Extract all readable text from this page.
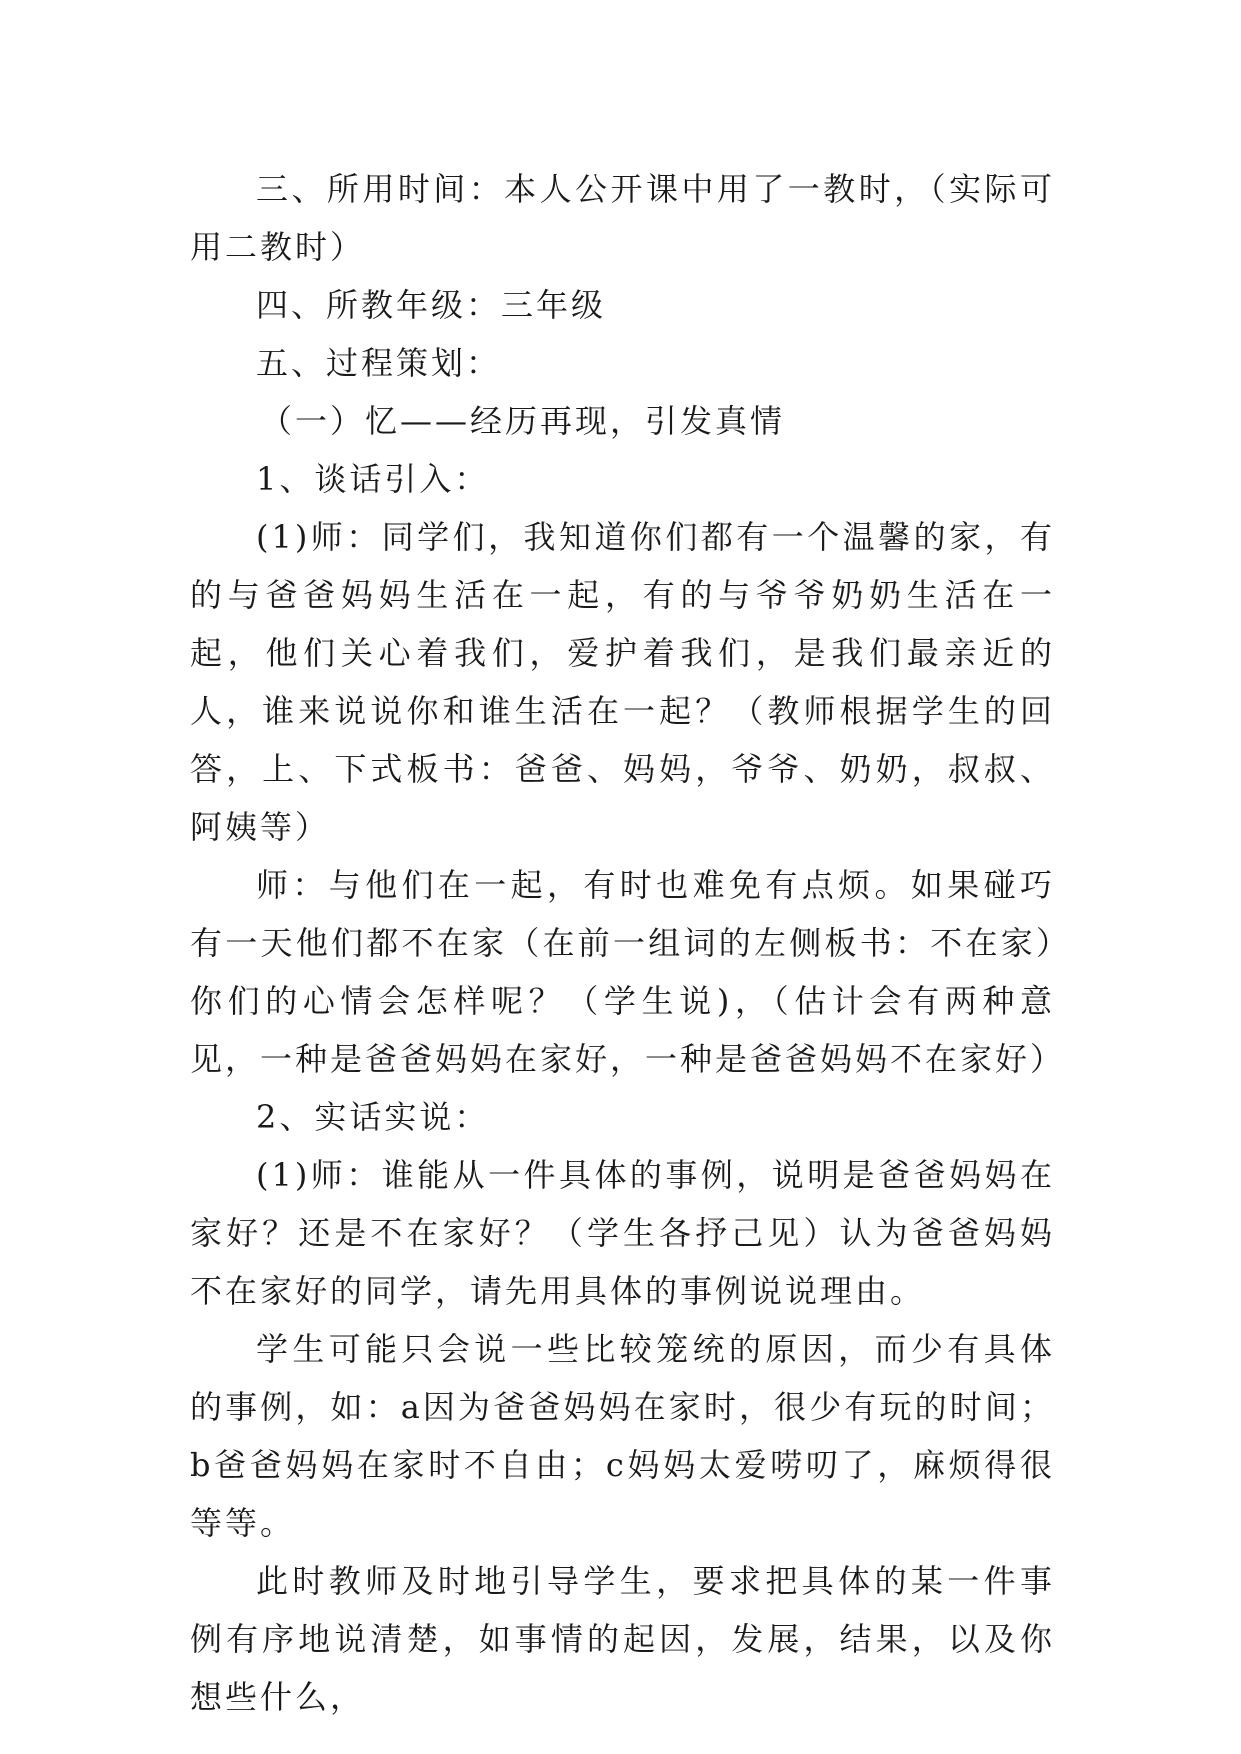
三、所用时间：本人公开课中用了一教时，（实际可用二教时）

四、所教年级：三年级

五、过程策划：

（一）忆——经历再现，引发真情

1、谈话引入：

(1)师：同学们，我知道你们都有一个温馨的家，有的与爸爸妈妈生活在一起，有的与爷爷奶奶生活在一起，他们关心着我们，爱护着我们，是我们最亲近的人，谁来说说你和谁生活在一起？（教师根据学生的回答，上、下式板书：爸爸、妈妈，爷爷、奶奶，叔叔、阿姨等）

师：与他们在一起，有时也难免有点烦。如果碰巧有一天他们都不在家（在前一组词的左侧板书：不在家）你们的心情会怎样呢？（学生说)，（估计会有两种意见，一种是爸爸妈妈在家好，一种是爸爸妈妈不在家好）

2、实话实说：

(1)师：谁能从一件具体的事例，说明是爸爸妈妈在家好？还是不在家好？（学生各抒己见）认为爸爸妈妈不在家好的同学，请先用具体的事例说说理由。

学生可能只会说一些比较笼统的原因，而少有具体的事例，如：a因为爸爸妈妈在家时，很少有玩的时间；b爸爸妈妈在家时不自由；c妈妈太爱唠叨了，麻烦得很等等。

此时教师及时地引导学生，要求把具体的某一件事例有序地说清楚，如事情的起因，发展，结果，以及你想些什么，
